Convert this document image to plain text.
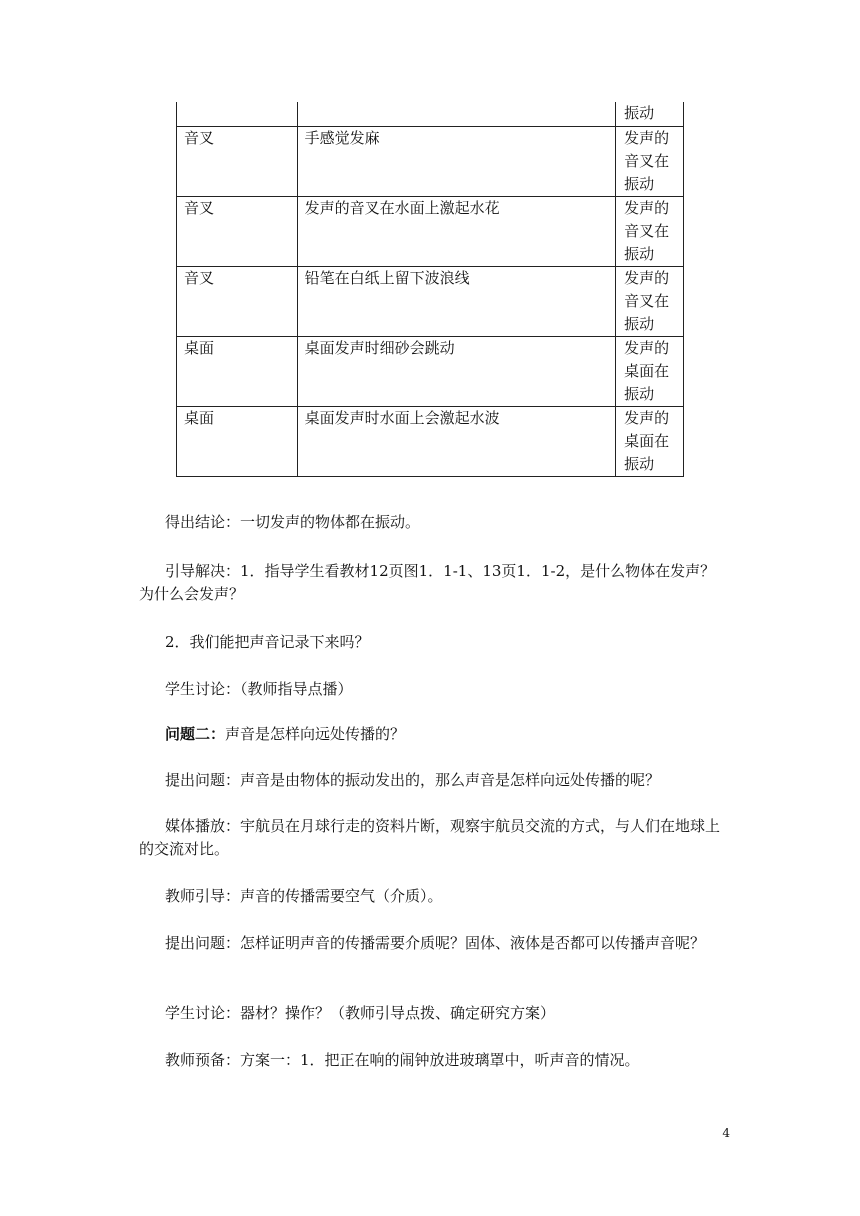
		振动
音叉	手感觉发麻	发声的音叉在振动
音叉	发声的音叉在水面上激起水花	发声的音叉在振动
音叉	铅笔在白纸上留下波浪线	发声的音叉在振动
桌面	桌面发声时细砂会跳动	发声的桌面在振动
桌面	桌面发声时水面上会激起水波	发声的桌面在振动

得出结论：一切发声的物体都在振动。

引导解决：1．指导学生看教材12页图1．1-1、13页1．1-2，是什么物体在发声？为什么会发声？

2．我们能把声音记录下来吗？

学生讨论：（教师指导点播）

问题二：声音是怎样向远处传播的？

提出问题：声音是由物体的振动发出的，那么声音是怎样向远处传播的呢？

媒体播放：宇航员在月球行走的资料片断，观察宇航员交流的方式，与人们在地球上的交流对比。

教师引导：声音的传播需要空气（介质）。

提出问题：怎样证明声音的传播需要介质呢？固体、液体是否都可以传播声音呢？

学生讨论：器材？操作？（教师引导点拨、确定研究方案）

教师预备：方案一：1．把正在响的闹钟放进玻璃罩中，听声音的情况。

4
